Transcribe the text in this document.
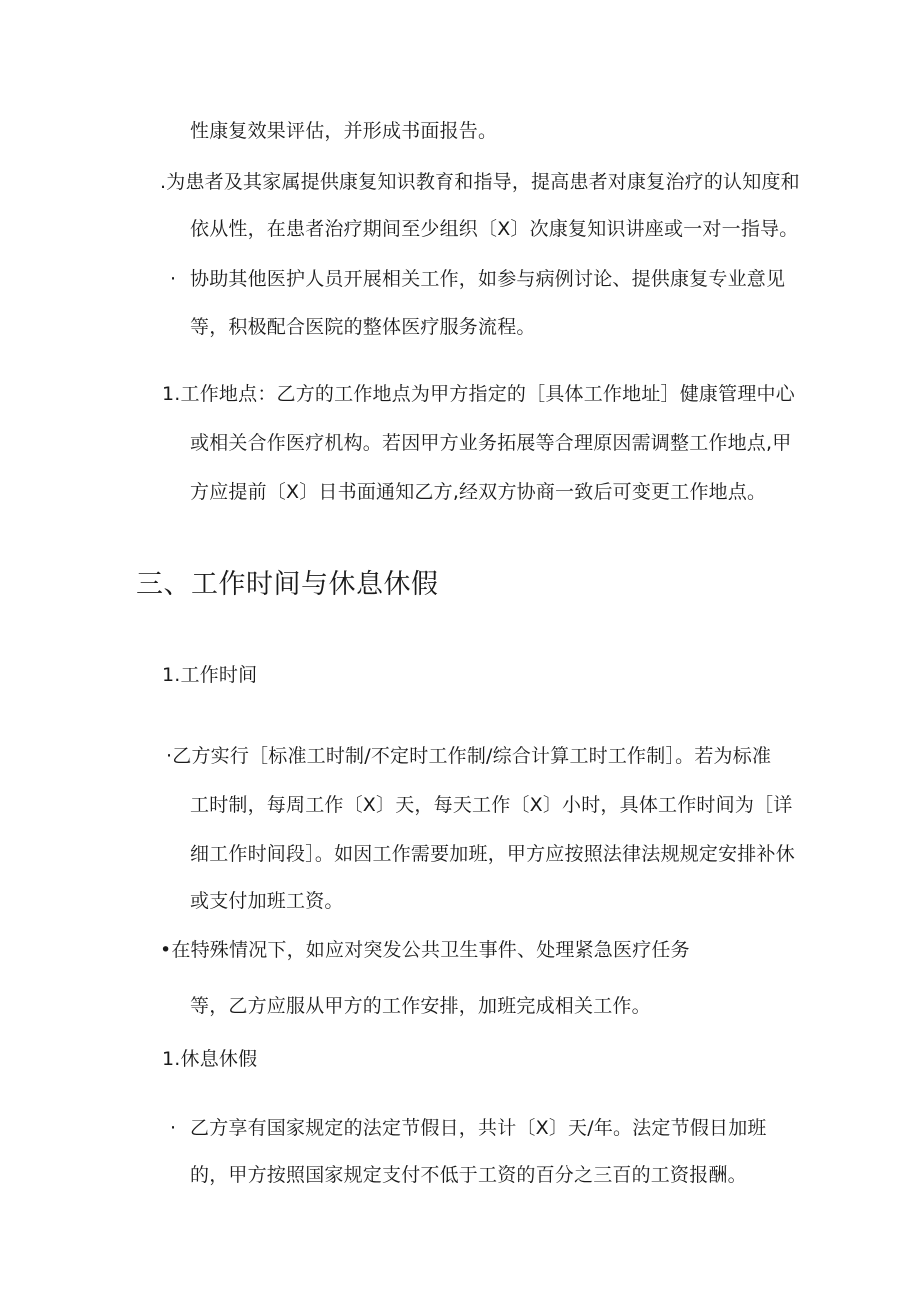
性康复效果评估，并形成书面报告。
.为患者及其家属提供康复知识教育和指导，提高患者对康复治疗的认知度和
依从性，在患者治疗期间至少组织〔X〕次康复知识讲座或一对一指导。
· 协助其他医护人员开展相关工作，如参与病例讨论、提供康复专业意见
等，积极配合医院的整体医疗服务流程。
1.工作地点：乙方的工作地点为甲方指定的［具体工作地址］健康管理中心
或相关合作医疗机构。若因甲方业务拓展等合理原因需调整工作地点,甲
方应提前〔X〕日书面通知乙方,经双方协商一致后可变更工作地点。
三、工作时间与休息休假
1.工作时间
·乙方实行［标准工时制/不定时工作制/综合计算工时工作制］。若为标准
工时制，每周工作〔X〕天，每天工作〔X〕小时，具体工作时间为［详
细工作时间段］。如因工作需要加班，甲方应按照法律法规规定安排补休
或支付加班工资。
•在特殊情况下，如应对突发公共卫生事件、处理紧急医疗任务
等，乙方应服从甲方的工作安排，加班完成相关工作。
1.休息休假
· 乙方享有国家规定的法定节假日，共计〔X〕天/年。法定节假日加班
的，甲方按照国家规定支付不低于工资的百分之三百的工资报酬。
